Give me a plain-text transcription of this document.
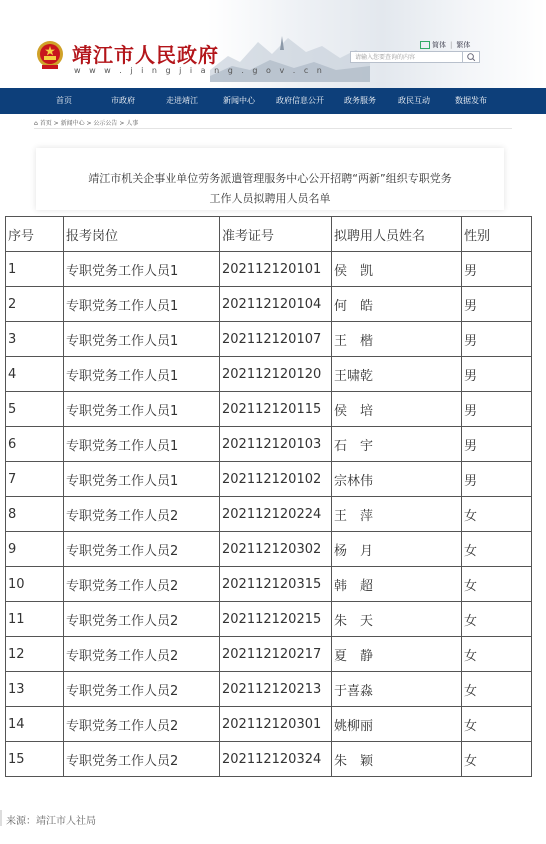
靖江市人民政府
w w w . j i n g j i a n g . g o v . c n
简体 | 繁体
请输入您要查询的内容
首页	市政府	走进靖江	新闻中心	政府信息公开	政务服务	政民互动	数据发布
⌂ 首页 > 新闻中心 > 公示公告 > 人事
靖江市机关企事业单位劳务派遣管理服务中心公开招聘“两新”组织专职党务
工作人员拟聘用人员名单
序号	报考岗位	准考证号	拟聘用人员姓名	性别
1	专职党务工作人员1	202112120101	侯　凯	男
2	专职党务工作人员1	202112120104	何　皓	男
3	专职党务工作人员1	202112120107	王　楷	男
4	专职党务工作人员1	202112120120	王啸乾	男
5	专职党务工作人员1	202112120115	侯　培	男
6	专职党务工作人员1	202112120103	石　宇	男
7	专职党务工作人员1	202112120102	宗林伟	男
8	专职党务工作人员2	202112120224	王　萍	女
9	专职党务工作人员2	202112120302	杨　月	女
10	专职党务工作人员2	202112120315	韩　超	女
11	专职党务工作人员2	202112120215	朱　天	女
12	专职党务工作人员2	202112120217	夏　静	女
13	专职党务工作人员2	202112120213	于喜淼	女
14	专职党务工作人员2	202112120301	姚柳丽	女
15	专职党务工作人员2	202112120324	朱　颖	女
来源：靖江市人社局
